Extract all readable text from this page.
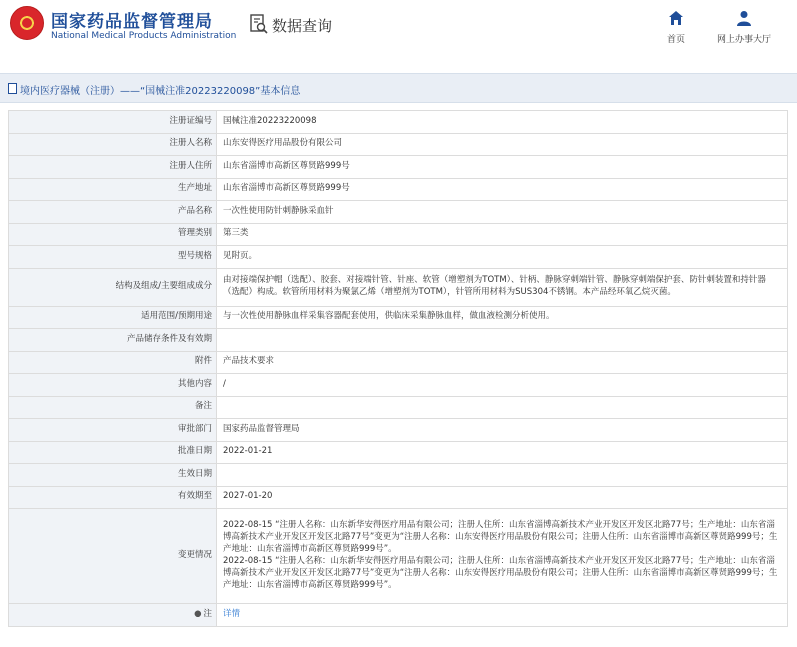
国家药品监督管理局
National Medical Products Administration
数据查询
首页	网上办事大厅
境内医疗器械（注册）——“国械注准20223220098”基本信息
注册证编号	国械注准20223220098
注册人名称	山东安得医疗用品股份有限公司
注册人住所	山东省淄博市高新区尊贤路999号
生产地址	山东省淄博市高新区尊贤路999号
产品名称	一次性使用防针刺静脉采血针
管理类别	第三类
型号规格	见附页。
结构及组成/主要组成成分	由对接端保护帽（选配）、胶套、对接端针管、针座、软管（增塑剂为TOTM）、针柄、静脉穿刺端针管、静脉穿刺端保护套、防针刺装置和持针器（选配）构成。软管所用材料为聚氯乙烯（增塑剂为TOTM），针管所用材料为SUS304不锈钢。本产品经环氧乙烷灭菌。
适用范围/预期用途	与一次性使用静脉血样采集容器配套使用，供临床采集静脉血样，做血液检测分析使用。
产品储存条件及有效期	
附件	产品技术要求
其他内容	/
备注	
审批部门	国家药品监督管理局
批准日期	2022-01-21
生效日期	
有效期至	2027-01-20
变更情况	2022-08-15 “注册人名称：山东新华安得医疗用品有限公司；注册人住所：山东省淄博高新技术产业开发区开发区北路77号；生产地址：山东省淄博高新技术产业开发区开发区北路77号”变更为“注册人名称：山东安得医疗用品股份有限公司；注册人住所：山东省淄博市高新区尊贤路999号；生产地址：山东省淄博市高新区尊贤路999号”。
2022-08-15 “注册人名称：山东新华安得医疗用品有限公司；注册人住所：山东省淄博高新技术产业开发区开发区北路77号；生产地址：山东省淄博高新技术产业开发区开发区北路77号”变更为“注册人名称：山东安得医疗用品股份有限公司；注册人住所：山东省淄博市高新区尊贤路999号；生产地址：山东省淄博市高新区尊贤路999号”。

● 注	详情
